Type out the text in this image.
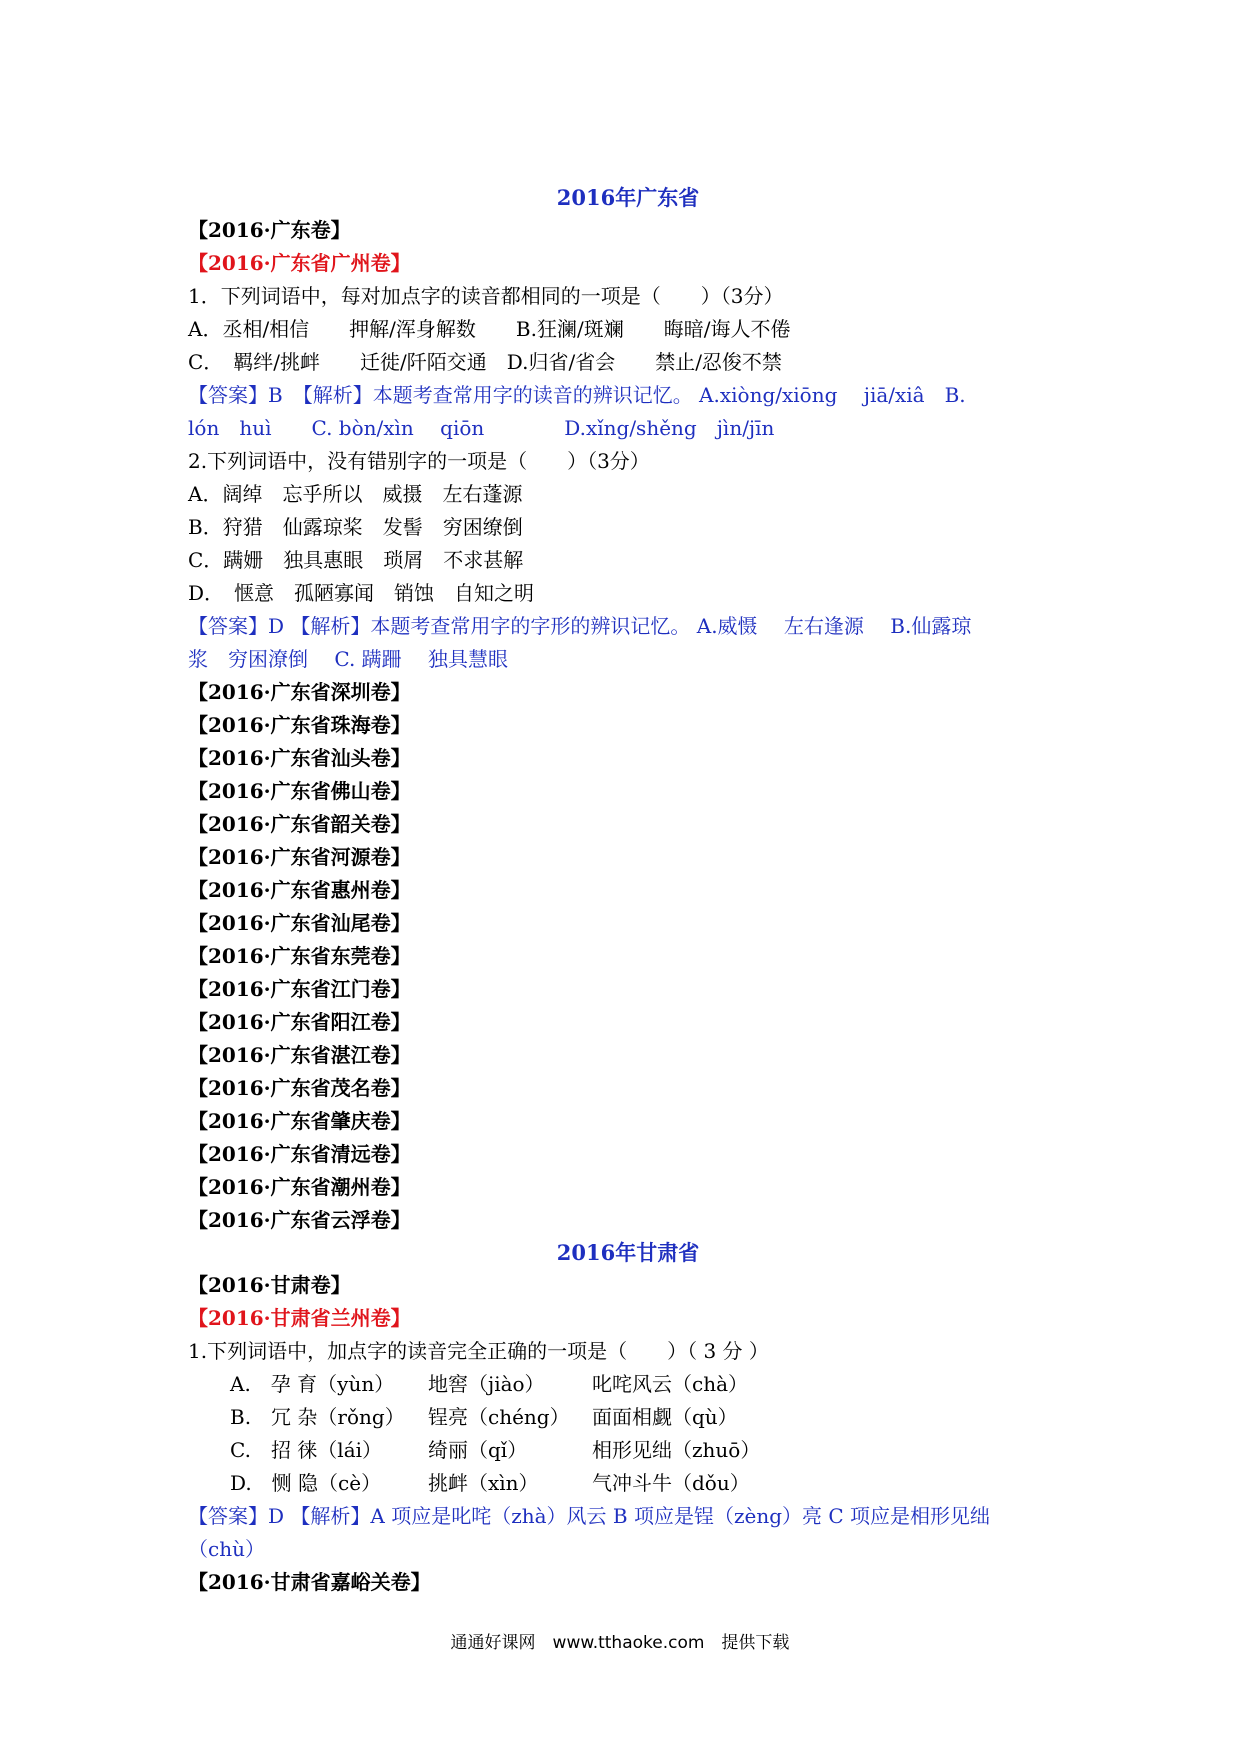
2016年广东省
【2016·广东卷】
【2016·广东省广州卷】
1．下列词语中，每对加点字的读音都相同的一项是（　　）（3分）
A．丞相/相信　　押解/浑身解数　　B.狂澜/斑斓　　晦暗/诲人不倦
C．　羁绊/挑衅　　迁徙/阡陌交通　D.归省/省会　　禁止/忍俊不禁
【答案】B　【解析】本题考查常用字的读音的辨识记忆。 A.xiòng/xiōng　 jiā/xiâ　B.
lón　huì　　C. bòn/xìn　 qiōn　　　　D.xǐng/shěng　jìn/jīn
2.下列词语中，没有错别字的一项是（　　）（3分）
A．阔绰　忘乎所以　威摄　左右蓬源
B．狩猎　仙露琼桨　发髻　穷困缭倒
C．蹒姗　独具惠眼　琐屑　不求甚解
D．　惬意　孤陋寡闻　销蚀　自知之明
【答案】D 【解析】本题考查常用字的字形的辨识记忆。 A.威慑　 左右逢源　 B.仙露琼
浆　穷困潦倒　 C. 蹒跚　 独具慧眼
【2016·广东省深圳卷】
【2016·广东省珠海卷】
【2016·广东省汕头卷】
【2016·广东省佛山卷】
【2016·广东省韶关卷】
【2016·广东省河源卷】
【2016·广东省惠州卷】
【2016·广东省汕尾卷】
【2016·广东省东莞卷】
【2016·广东省江门卷】
【2016·广东省阳江卷】
【2016·广东省湛江卷】
【2016·广东省茂名卷】
【2016·广东省肇庆卷】
【2016·广东省清远卷】
【2016·广东省潮州卷】
【2016·广东省云浮卷】
2016年甘肃省
【2016·甘肃卷】
【2016·甘肃省兰州卷】
1.下列词语中，加点字的读音完全正确的一项是（　　）（ 3 分 ）
A.　孕 育（yùn） 地窖（jiào） 叱咤风云（chà）
B.　冗 杂（rǒng） 锃亮（chéng） 面面相觑（qù）
C.　招 徕（lái） 绮丽（qǐ）	相形见绌（zhuō）
D.　恻 隐（cè） 挑衅（xìn）	气冲斗牛（dǒu）
【答案】D 【解析】A 项应是叱咤（zhà）风云 B 项应是锃（zèng）亮 C 项应是相形见绌
（chù）
【2016·甘肃省嘉峪关卷】
通通好课网　www.tthaoke.com　提供下载
